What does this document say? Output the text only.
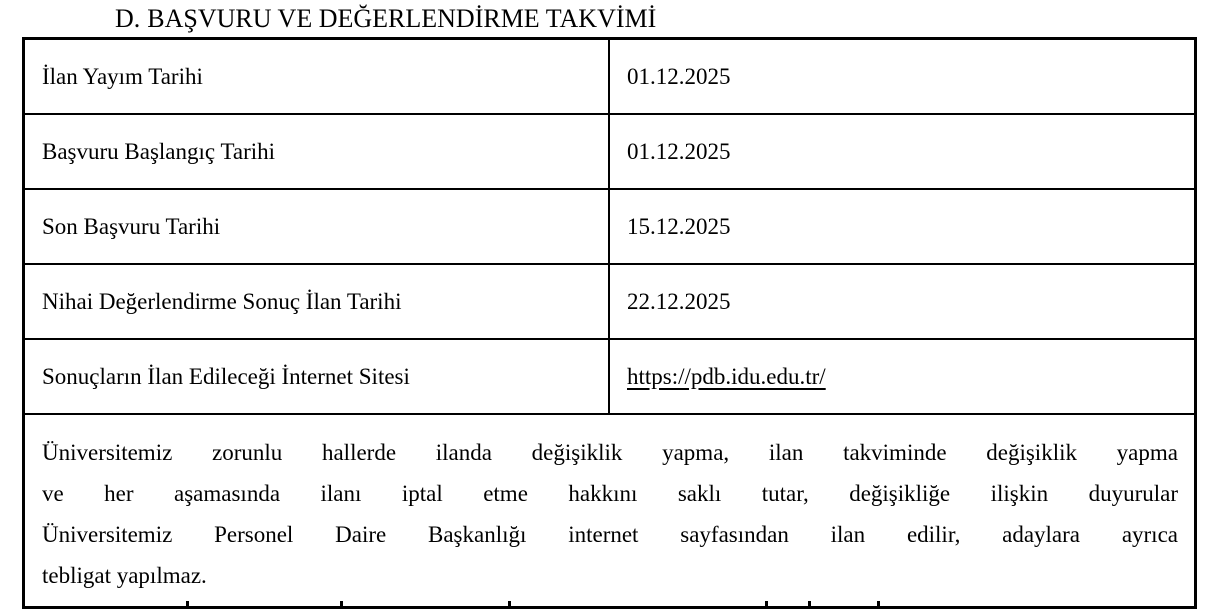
D. BAŞVURU VE DEĞERLENDİRME TAKVİMİ
İlan Yayım Tarihi	01.12.2025
Başvuru Başlangıç Tarihi	01.12.2025
Son Başvuru Tarihi	15.12.2025
Nihai Değerlendirme Sonuç İlan Tarihi	22.12.2025
Sonuçların İlan Edileceği İnternet Sitesi	https://pdb.idu.edu.tr/

Üniversitemiz zorunlu hallerde ilanda değişiklik yapma, ilan takviminde değişiklik yapma
ve her aşamasında ilanı iptal etme hakkını saklı tutar, değişikliğe ilişkin duyurular
Üniversitemiz Personel Daire Başkanlığı internet sayfasından ilan edilir, adaylara ayrıca
tebligat yapılmaz.	
